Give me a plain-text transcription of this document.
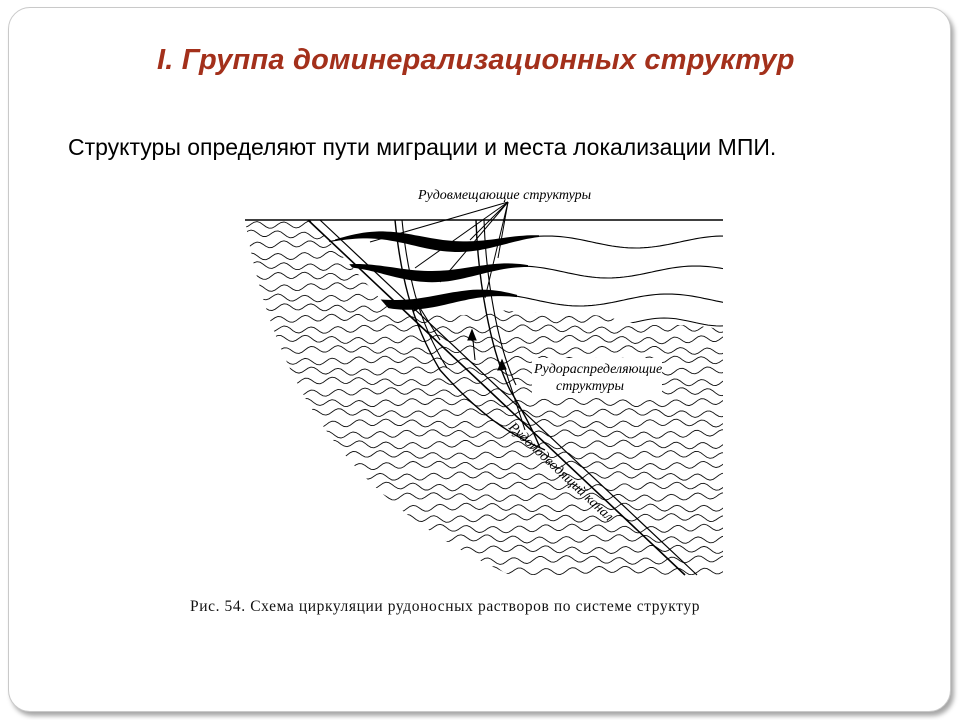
I. Группа доминерализационных структур
Структуры определяют пути миграции и места локализации МПИ.
Рудовмещающие структуры
Рудораспределяющие
структуры
Рудоподводящий канал
Рис. 54. Схема циркуляции рудоносных растворов по системе структур
